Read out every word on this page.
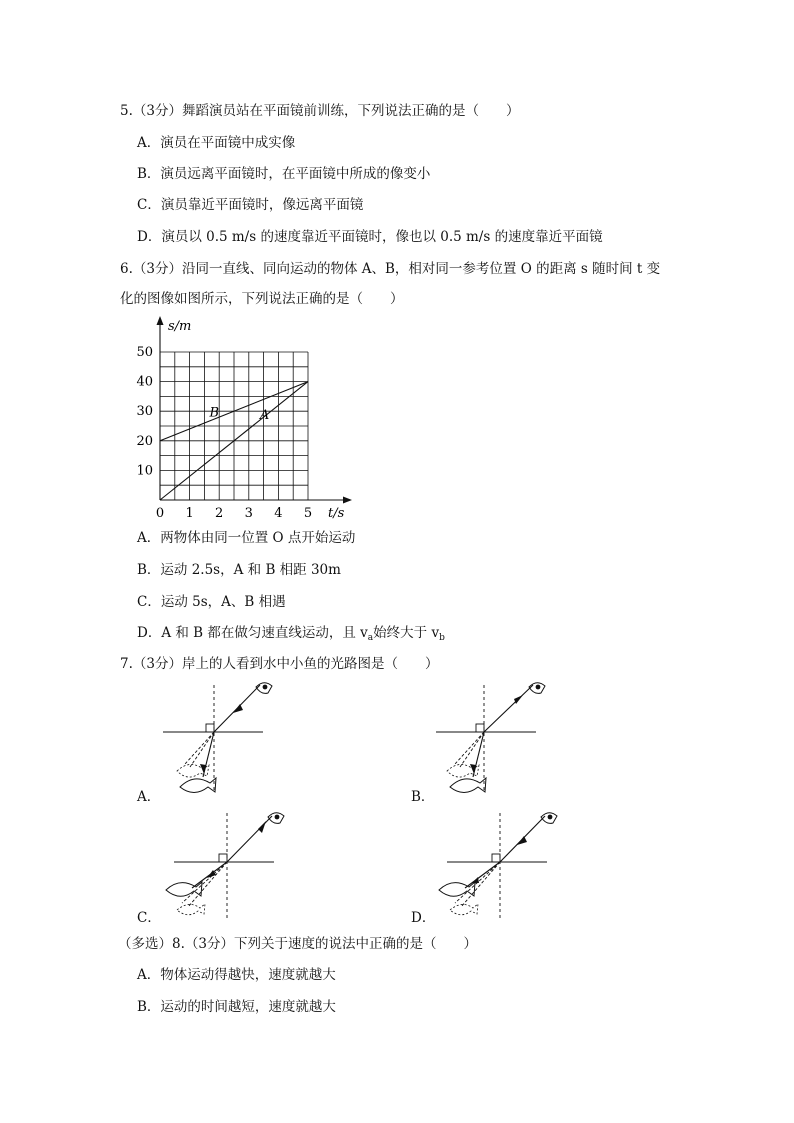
5.（3分）舞蹈演员站在平面镜前训练，下列说法正确的是（　　）
A．演员在平面镜中成实像
B．演员远离平面镜时，在平面镜中所成的像变小
C．演员靠近平面镜时，像远离平面镜
D．演员以 0.5 m/s 的速度靠近平面镜时，像也以 0.5 m/s 的速度靠近平面镜
6.（3分）沿同一直线、同向运动的物体 A、B，相对同一参考位置 O 的距离 s 随时间 t 变
化的图像如图所示，下列说法正确的是（　　）
1 2 3 4 5
10
20
30
40
50
0	t/s
s/m
A
B
A．两物体由同一位置 O 点开始运动
B．运动 2.5s，A 和 B 相距 30m
C．运动 5s，A、B 相遇
D．A 和 B 都在做匀速直线运动，且 $v_a$始终大于 $v_b$
7.（3分）岸上的人看到水中小鱼的光路图是（　　）
A．	B．
C．	D．
（多选）8.（3分）下列关于速度的说法中正确的是（　　）
A．物体运动得越快，速度就越大
B．运动的时间越短，速度就越大
